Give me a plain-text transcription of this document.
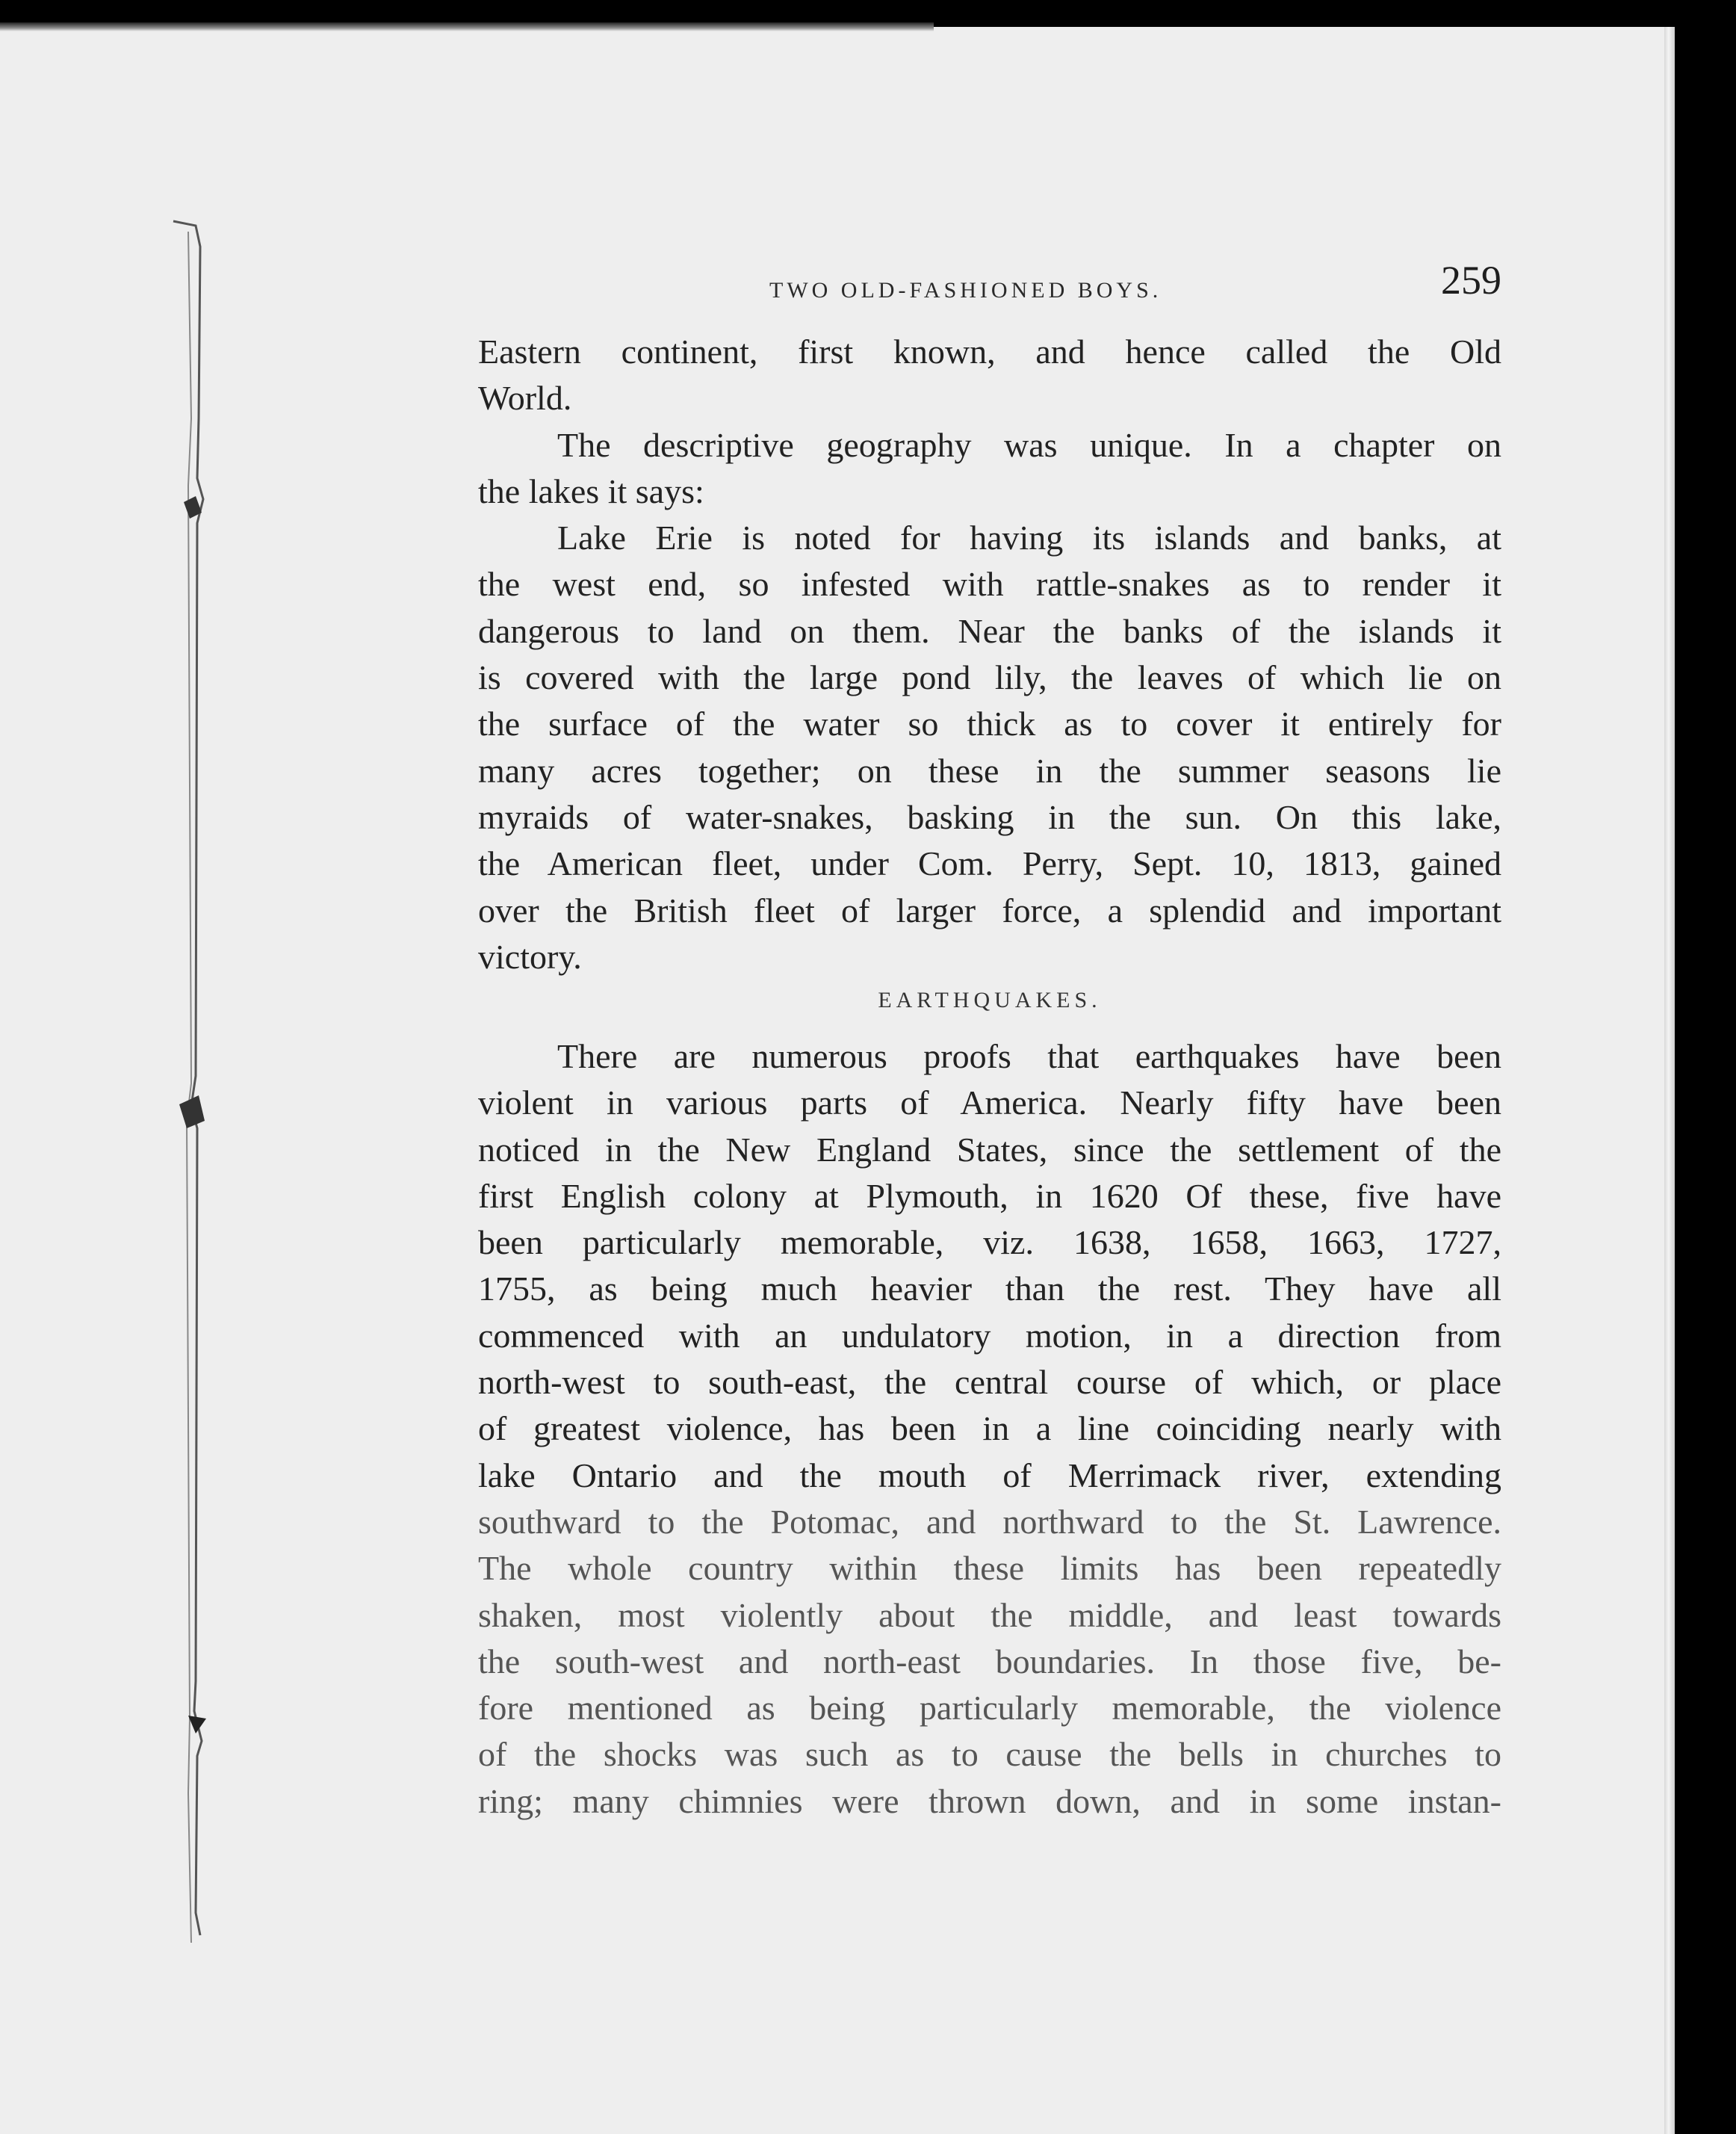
TWO OLD-FASHIONED BOYS.	259
Eastern continent, first known, and hence called the Old
World.
The descriptive geography was unique. In a chapter on
the lakes it says:
Lake Erie is noted for having its islands and banks, at
the west end, so infested with rattle-snakes as to render it
dangerous to land on them. Near the banks of the islands it
is covered with the large pond lily, the leaves of which lie on
the surface of the water so thick as to cover it entirely for
many acres together; on these in the summer seasons lie
myraids of water-snakes, basking in the sun. On this lake,
the American fleet, under Com. Perry, Sept. 10, 1813, gained
over the British fleet of larger force, a splendid and important
victory.
EARTHQUAKES.
There are numerous proofs that earthquakes have been
violent in various parts of America. Nearly fifty have been
noticed in the New England States, since the settlement of the
first English colony at Plymouth, in 1620 Of these, five have
been particularly memorable, viz. 1638, 1658, 1663, 1727,
1755, as being much heavier than the rest. They have all
commenced with an undulatory motion, in a direction from
north-west to south-east, the central course of which, or place
of greatest violence, has been in a line coinciding nearly with
lake Ontario and the mouth of Merrimack river, extending
southward to the Potomac, and northward to the St. Lawrence.
The whole country within these limits has been repeatedly
shaken, most violently about the middle, and least towards
the south-west and north-east boundaries. In those five, be-
fore mentioned as being particularly memorable, the violence
of the shocks was such as to cause the bells in churches to
ring; many chimnies were thrown down, and in some instan-
